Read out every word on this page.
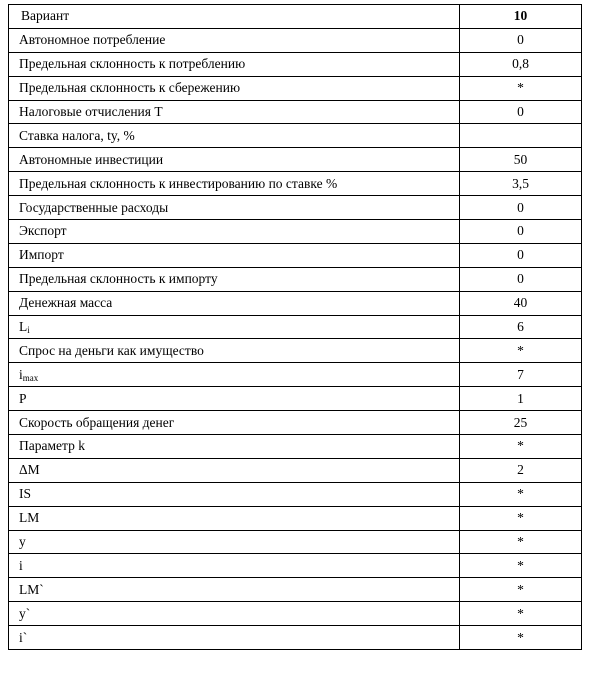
Вариант	10
Автономное потребление	0
Предельная склонность к потреблению	0,8
Предельная склонность к сбережению	*
Налоговые отчисления T	0
Ставка налога, ty, %	
Автономные инвестиции	50
Предельная склонность к инвестированию по ставке %	3,5
Государственные расходы	0
Экспорт	0
Импорт	0
Предельная склонность к импорту	0
Денежная масса	40
$L_i$	6
Спрос на деньги как имущество	*
$i_{max}$	7
P	1
Скорость обращения денег	25
Параметр k	*
ΔM	2
IS	*
LM	*
y	*
i	*
LM`	*
y`	*
i`	*
